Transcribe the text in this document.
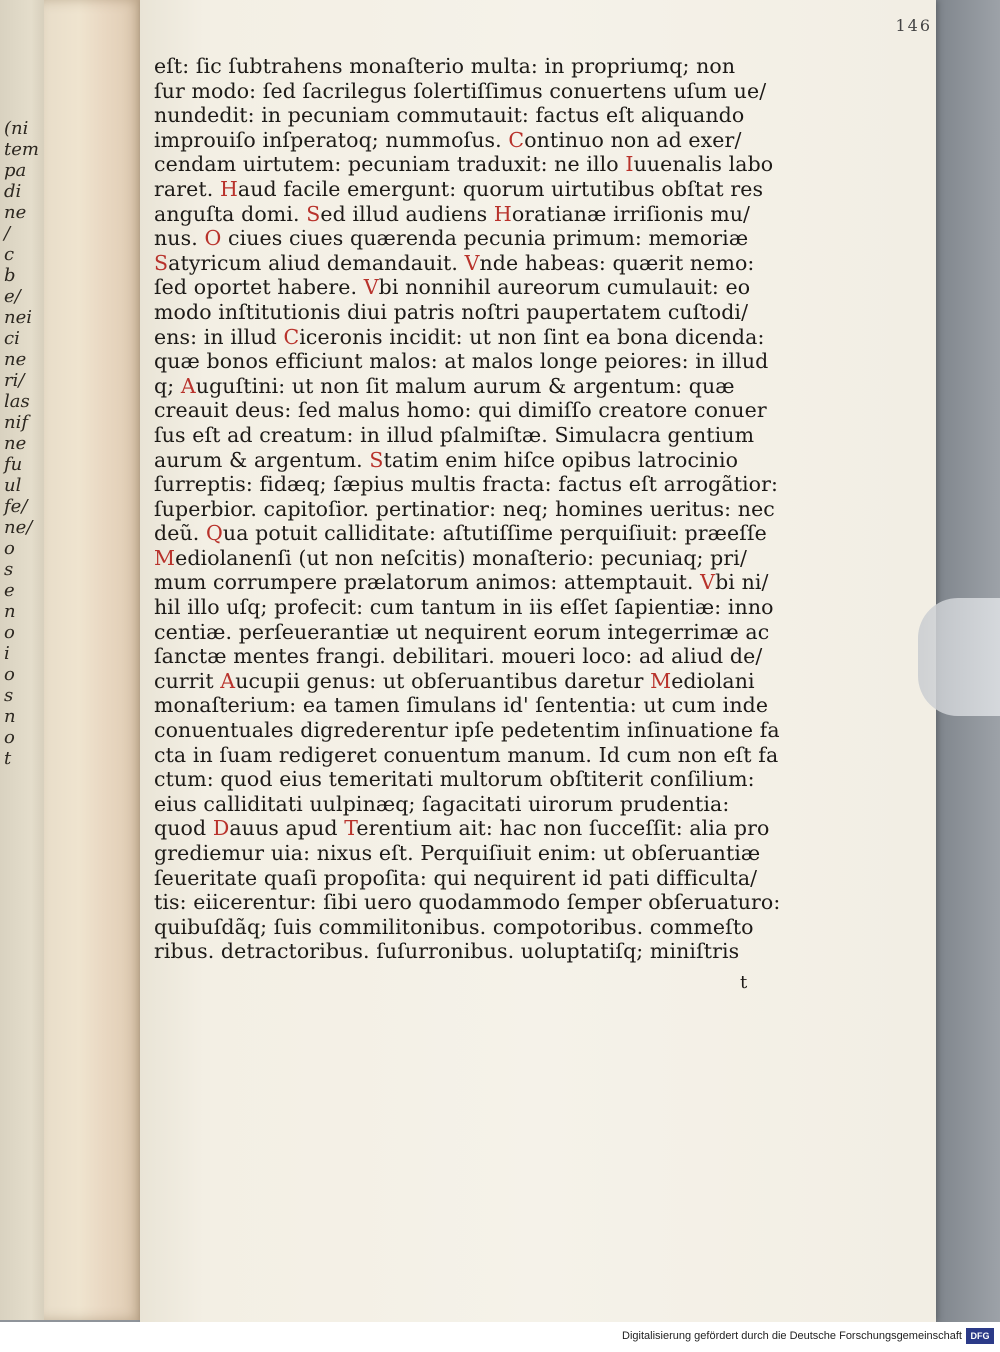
(ni
tem
pa
di
ne
/
c
b
e/
nei
ci
ne
ri/
las
nif
ne
fu
ul
fe/
ne/
o
s
e
n
o
i
o
s
n
o
t
146
eſt: ſic ſubtrahens monaſterio multa: in propriumq; non
ſur modo: ſed ſacrilegus ſolertiſſimus conuertens uſum ue/
nundedit: in pecuniam commutauit: factus eſt aliquando
improuiſo inſperatoq; nummoſus. Continuo non ad exer/
cendam uirtutem: pecuniam traduxit: ne illo Iuuenalis labo
raret. Haud facile emergunt: quorum uirtutibus obſtat res
anguſta domi. Sed illud audiens Horatianæ irriſionis mu/
nus. O ciues ciues quærenda pecunia primum: memoriæ
Satyricum aliud demandauit. Vnde habeas: quærit nemo:
ſed oportet habere. Vbi nonnihil aureorum cumulauit: eo
modo inſtitutionis diui patris noſtri paupertatem cuſtodi/
ens: in illud Ciceronis incidit: ut non ſint ea bona dicenda:
quæ bonos efficiunt malos: at malos longe peiores: in illud
q; Auguſtini: ut non ſit malum aurum & argentum: quæ
creauit deus: ſed malus homo: qui dimiſſo creatore conuer
ſus eſt ad creatum: in illud pſalmiſtæ. Simulacra gentium
aurum & argentum. Statim enim hiſce opibus latrocinio
ſurreptis: fidæq; ſæpius multis fracta: factus eſt arrogãtior:
ſuperbior. capitoſior. pertinatior: neq; homines ueritus: nec
deũ. Qua potuit calliditate: aſtutiſſime perquiſiuit: præeſſe
Mediolanenſi (ut non neſcitis) monaſterio: pecuniaq; pri/
mum corrumpere prælatorum animos: attemptauit. Vbi ni/
hil illo uſq; profecit: cum tantum in iis eſſet ſapientiæ: inno
centiæ. perſeuerantiæ ut nequirent eorum integerrimæ ac
ſanctæ mentes frangi. debilitari. moueri loco: ad aliud de/
currit Aucupii genus: ut obſeruantibus daretur Mediolani
monaſterium: ea tamen ſimulans id' ſententia: ut cum inde
conuentuales digrederentur ipſe pedetentim inſinuatione fa
cta in ſuam redigeret conuentum manum. Id cum non eſt fa
ctum: quod eius temeritati multorum obſtiterit conſilium:
eius calliditati uulpinæq; ſagacitati uirorum prudentia:
quod Dauus apud Terentium ait: hac non ſucceſſit: alia pro
grediemur uia: nixus eſt. Perquiſiuit enim: ut obſeruantiæ
ſeueritate quaſi propoſita: qui nequirent id pati difficulta/
tis: eiicerentur: ſibi uero quodammodo ſemper obſeruaturo:
quibuſdãq; ſuis commilitonibus. compotoribus. commeſto
ribus. detractoribus. ſuſurronibus. uoluptatiſq; miniſtris
t
Digitalisierung gefördert durch die Deutsche Forschungsgemeinschaft DFG
